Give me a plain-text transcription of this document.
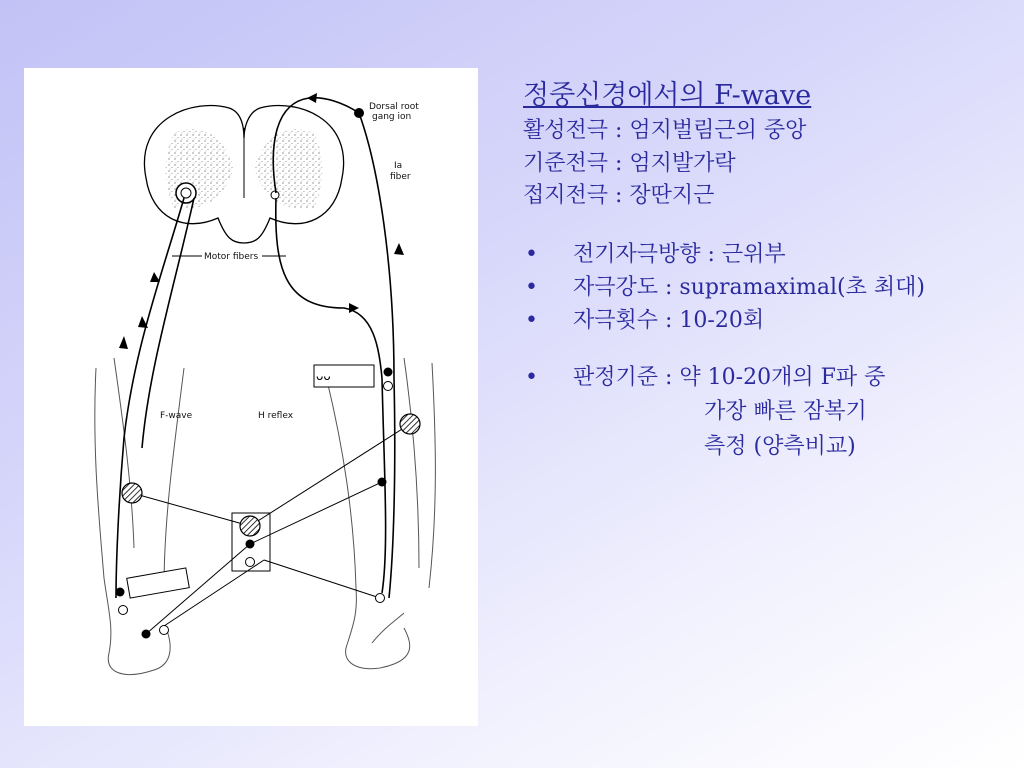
ᴗᴗ
Dorsal root
gang ion
Ia
fiber
Motor fibers
F-wave	H reflex
정중신경에서의 F-wave

활성전극 : 엄지벌림근의 중앙

기준전극 : 엄지발가락

접지전극 : 장딴지근

• 전기자극방향 : 근위부
• 자극강도 : supramaximal(초 최대)
• 자극횟수 : 10-20회
• 판정기준 : 약 10-20개의 F파 중
가장 빠른 잠복기
측정 (양측비교)
